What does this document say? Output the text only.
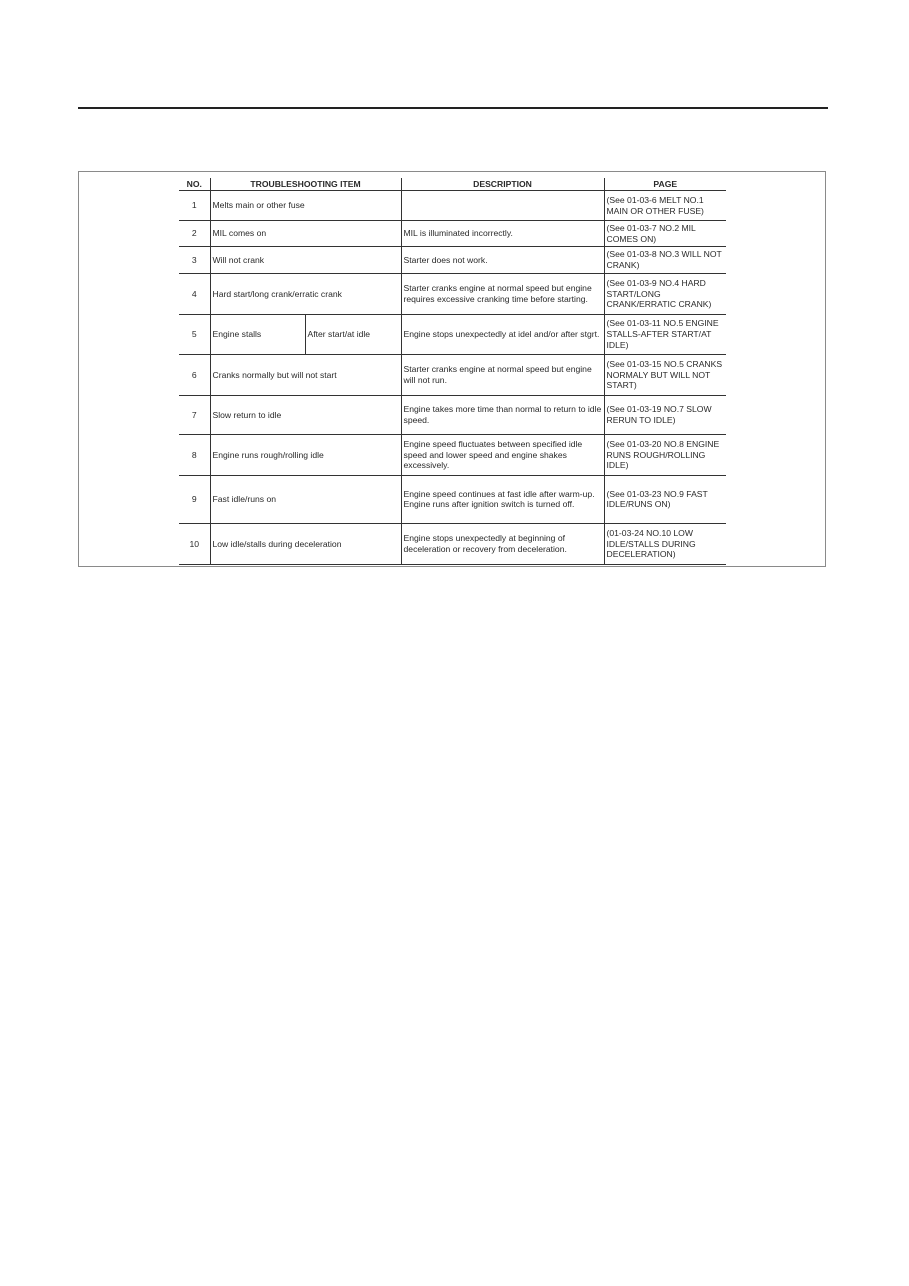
NO.	TROUBLESHOOTING ITEM		DESCRIPTION	PAGE
1	Melts main or other fuse			(See 01-03-6 MELT NO.1 MAIN OR OTHER FUSE)
2	MIL comes on		MIL is illuminated incorrectly.	(See 01-03-7 NO.2 MIL COMES ON)
3	Will not crank		Starter does not work.	(See 01-03-8 NO.3 WILL NOT CRANK)
4	Hard start/long crank/erratic crank		Starter cranks engine at normal speed but engine requires excessive cranking time before starting.	(See 01-03-9 NO.4 HARD START/LONG CRANK/ERRATIC CRANK)
5	Engine stalls	After start/at idle	Engine stops unexpectedly at idel and/or after stgrt.	(See 01-03-11 NO.5 ENGINE STALLS-AFTER START/AT IDLE)
6	Cranks normally but will not start		Starter cranks engine at normal speed but engine will not run.	(See 01-03-15 NO.5 CRANKS NORMALY BUT WILL NOT START)
7	Slow return to idle		Engine takes more time than normal to return to idle speed.	(See 01-03-19 NO.7 SLOW RERUN TO IDLE)
8	Engine runs rough/rolling idle		Engine speed fluctuates between specified idle speed and lower speed and engine shakes excessively.	(See 01-03-20 NO.8 ENGINE RUNS ROUGH/ROLLING IDLE)
9	Fast idle/runs on		Engine speed continues at fast idle after warm-up.
Engine runs after ignition switch is turned off.	(See 01-03-23 NO.9 FAST IDLE/RUNS ON)
10	Low idle/stalls during deceleration		Engine stops unexpectedly at beginning of deceleration or recovery from deceleration.	(01-03-24 NO.10 LOW IDLE/STALLS DURING DECELERATION)
